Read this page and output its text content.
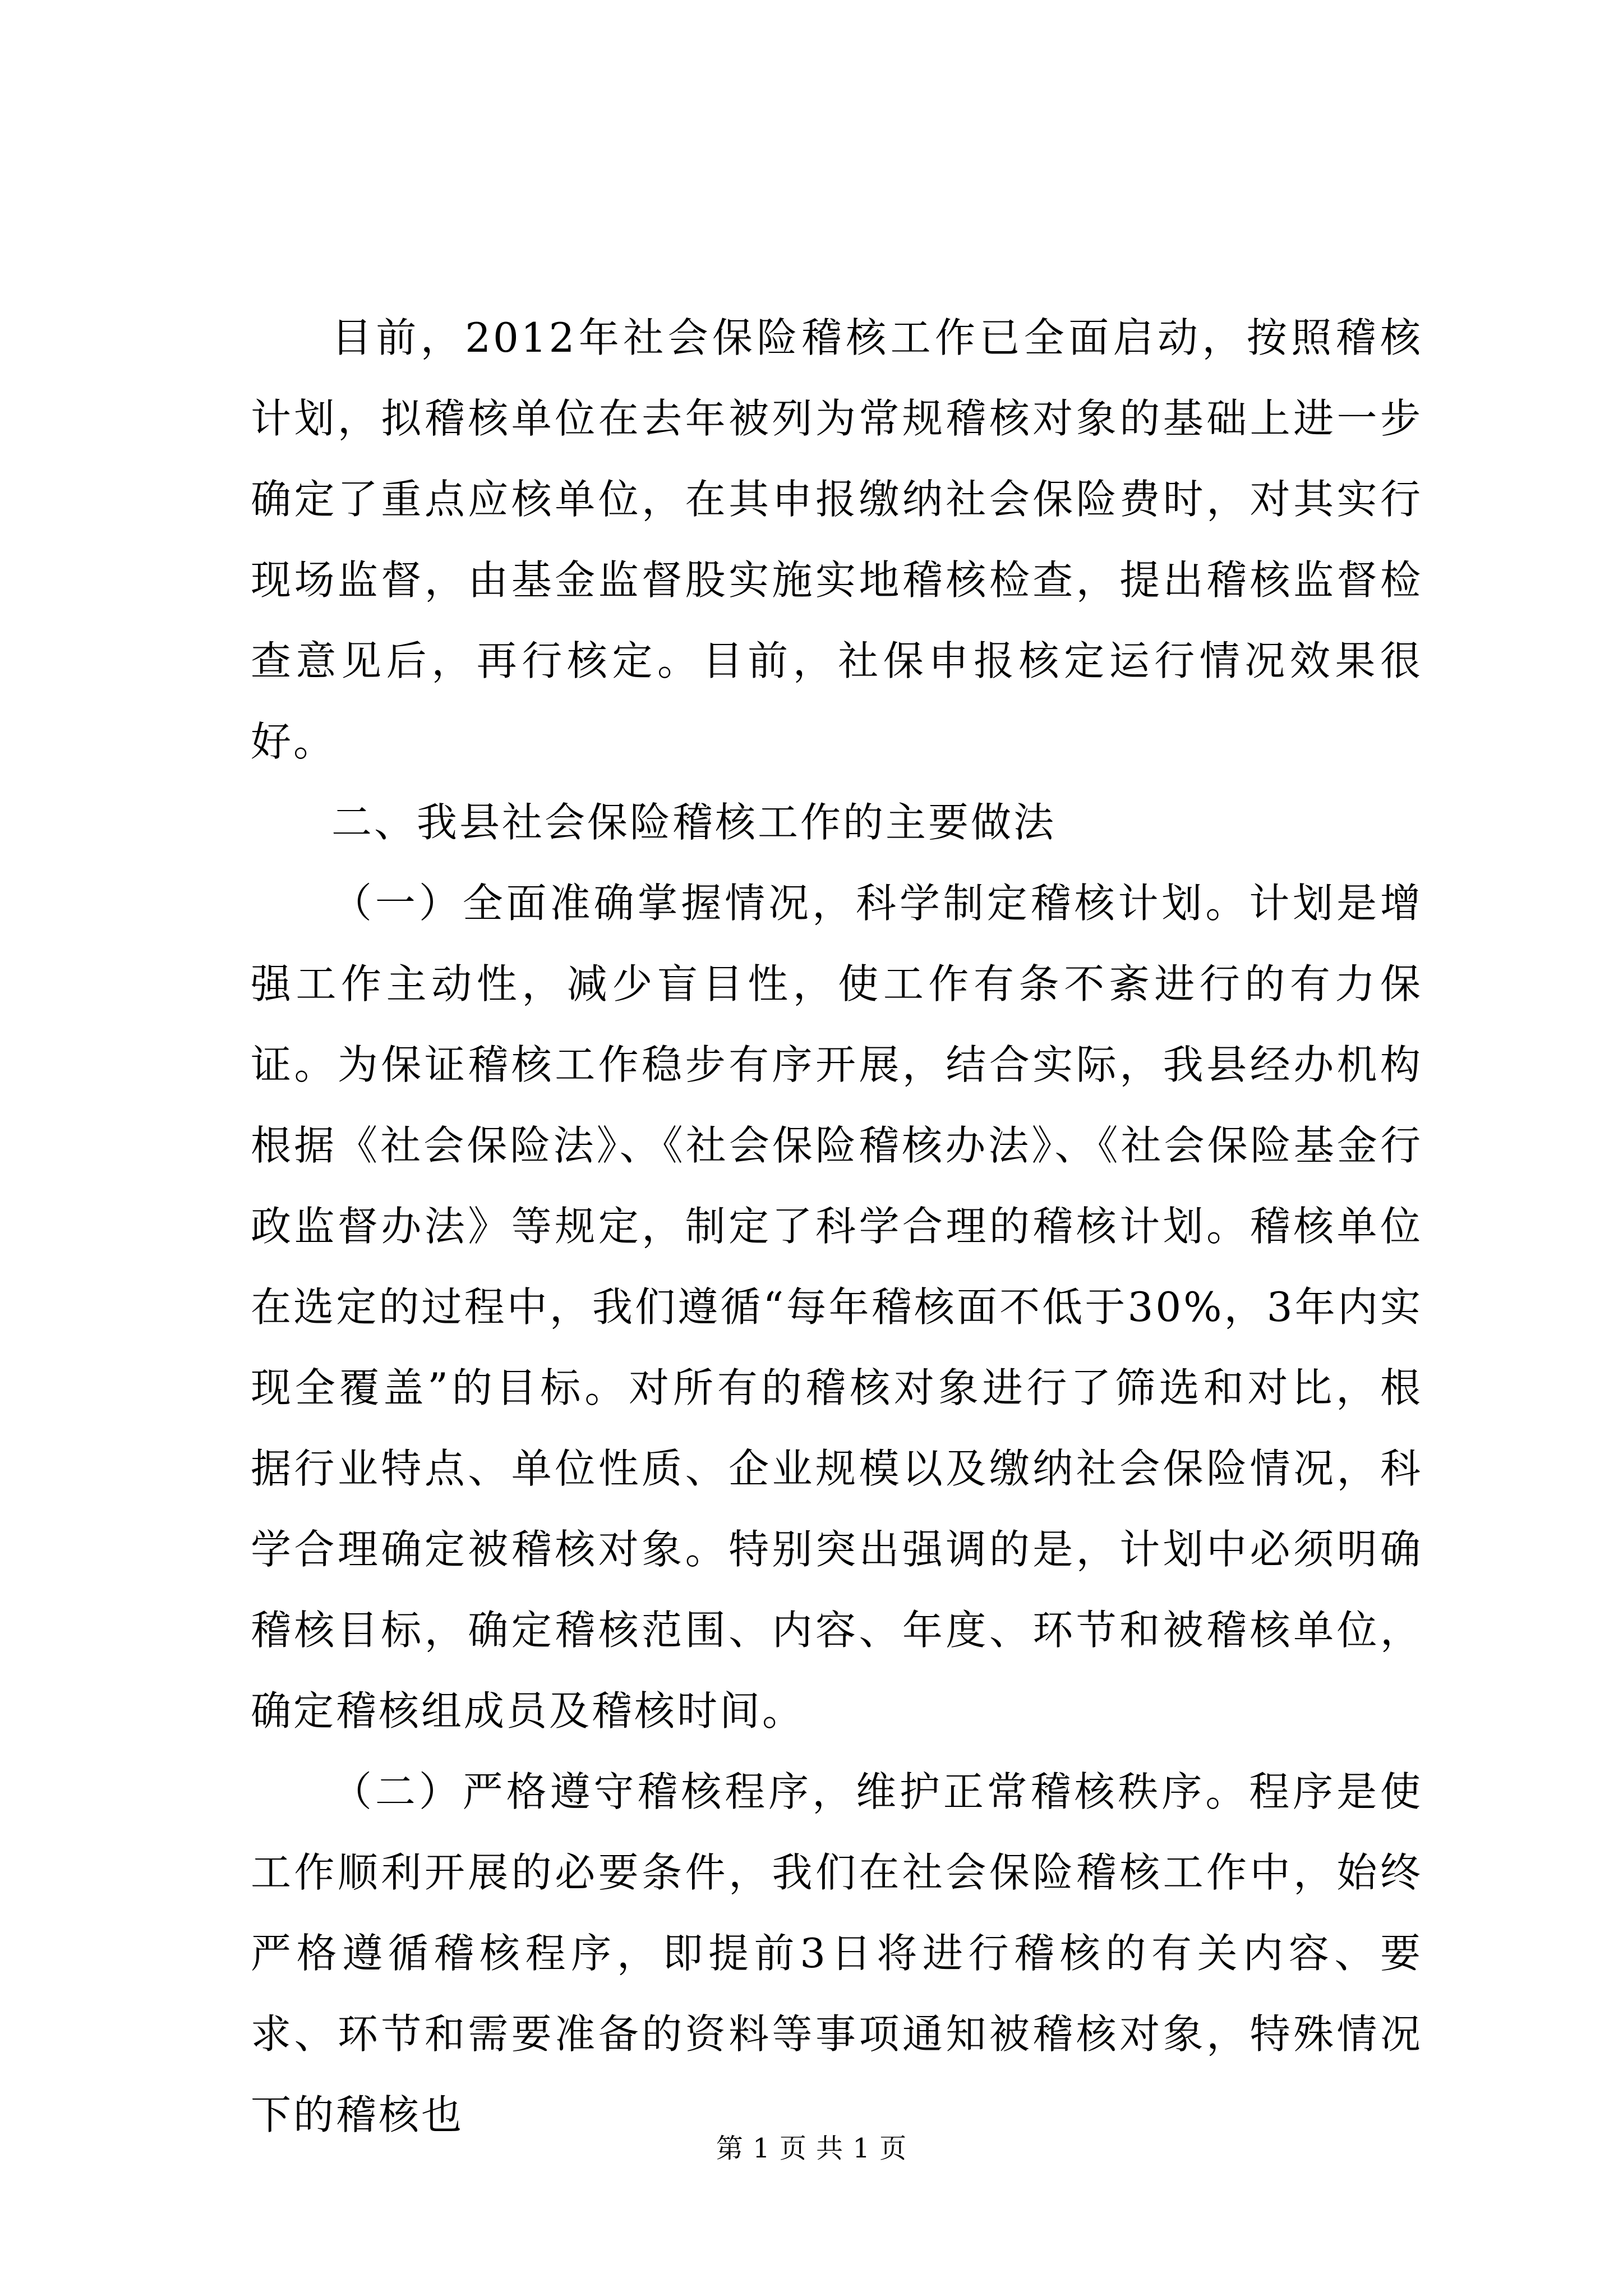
目前，2012年社会保险稽核工作已全面启动，按照稽核计划，拟稽核单位在去年被列为常规稽核对象的基础上进一步确定了重点应核单位，在其申报缴纳社会保险费时，对其实行现场监督，由基金监督股实施实地稽核检查，提出稽核监督检查意见后，再行核定。目前，社保申报核定运行情况效果很好。

二、我县社会保险稽核工作的主要做法

（一）全面准确掌握情况，科学制定稽核计划。计划是增强工作主动性，减少盲目性，使工作有条不紊进行的有力保证。为保证稽核工作稳步有序开展，结合实际，我县经办机构根据《社会保险法》、《社会保险稽核办法》、《社会保险基金行政监督办法》等规定，制定了科学合理的稽核计划。稽核单位在选定的过程中，我们遵循“每年稽核面不低于30%，3年内实现全覆盖”的目标。对所有的稽核对象进行了筛选和对比，根据行业特点、单位性质、企业规模以及缴纳社会保险情况，科学合理确定被稽核对象。特别突出强调的是，计划中必须明确稽核目标，确定稽核范围、内容、年度、环节和被稽核单位，确定稽核组成员及稽核时间。

（二）严格遵守稽核程序，维护正常稽核秩序。程序是使工作顺利开展的必要条件，我们在社会保险稽核工作中，始终严格遵循稽核程序，即提前3日将进行稽核的有关内容、要求、环节和需要准备的资料等事项通知被稽核对象，特殊情况下的稽核也

第 1 页 共 1 页
